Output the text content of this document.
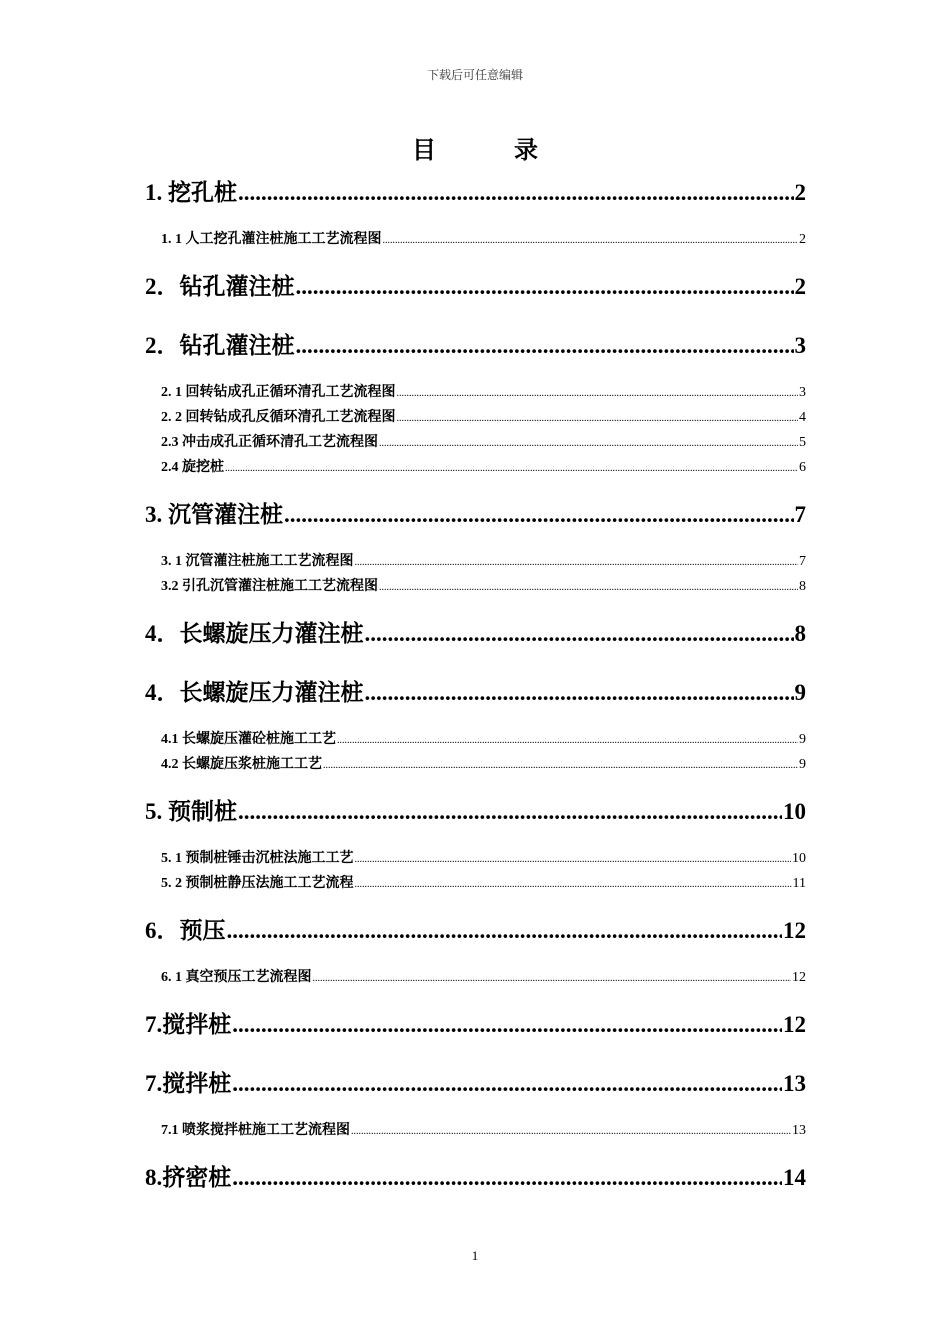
下载后可任意编辑
目 录
1. 挖孔桩 .....	2
1. 1 人工挖孔灌注桩施工工艺流程图 .....	2
2．钻孔灌注桩 .....	2
2．钻孔灌注桩 .....	3
2. 1 回转钻成孔正循环清孔工艺流程图 .....	3
2. 2 回转钻成孔反循环清孔工艺流程图 .....	4
2.3 冲击成孔正循环清孔工艺流程图 .....	5
2.4 旋挖桩 .....	6
3. 沉管灌注桩 .....	7
3. 1 沉管灌注桩施工工艺流程图 .....	7
3.2 引孔沉管灌注桩施工工艺流程图 .....	8
4．长螺旋压力灌注桩 .....	8
4．长螺旋压力灌注桩 .....	9
4.1 长螺旋压灌砼桩施工工艺 .....	9
4.2 长螺旋压浆桩施工工艺 .....	9
5. 预制桩 .....	10
5. 1 预制桩锤击沉桩法施工工艺 .....	10
5. 2 预制桩静压法施工工艺流程 .....	11
6．预压 .....	12
6. 1 真空预压工艺流程图 .....	12
7.搅拌桩 .....	12
7.搅拌桩 .....	13
7.1 喷浆搅拌桩施工工艺流程图 .....	13
8.挤密桩 .....	14
1
